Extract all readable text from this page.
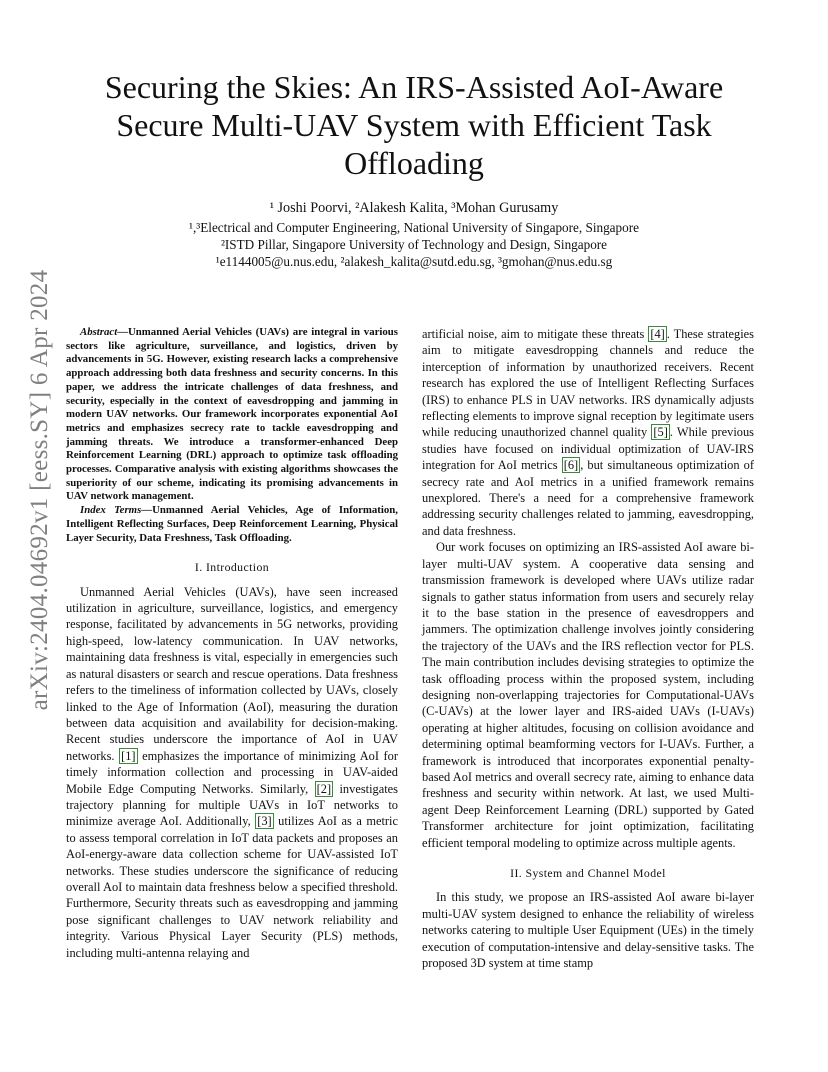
arXiv:2404.04692v1 [eess.SY] 6 Apr 2024
Securing the Skies: An IRS-Assisted AoI-Aware Secure Multi-UAV System with Efficient Task Offloading
¹ Joshi Poorvi, ²Alakesh Kalita, ³Mohan Gurusamy
¹,³Electrical and Computer Engineering, National University of Singapore, Singapore
²ISTD Pillar, Singapore University of Technology and Design, Singapore
¹e1144005@u.nus.edu, ²alakesh_kalita@sutd.edu.sg, ³gmohan@nus.edu.sg

Abstract—Unmanned Aerial Vehicles (UAVs) are integral in various sectors like agriculture, surveillance, and logistics, driven by advancements in 5G. However, existing research lacks a comprehensive approach addressing both data freshness and security concerns. In this paper, we address the intricate challenges of data freshness, and security, especially in the context of eavesdropping and jamming in modern UAV networks. Our framework incorporates exponential AoI metrics and emphasizes secrecy rate to tackle eavesdropping and jamming threats. We introduce a transformer-enhanced Deep Reinforcement Learning (DRL) approach to optimize task offloading processes. Comparative analysis with existing algorithms showcases the superiority of our scheme, indicating its promising advancements in UAV network management.

Index Terms—Unmanned Aerial Vehicles, Age of Information, Intelligent Reflecting Surfaces, Deep Reinforcement Learning, Physical Layer Security, Data Freshness, Task Offloading.

I. Introduction

Unmanned Aerial Vehicles (UAVs), have seen increased utilization in agriculture, surveillance, logistics, and emergency response, facilitated by advancements in 5G networks, providing high-speed, low-latency communication. In UAV networks, maintaining data freshness is vital, especially in emergencies such as natural disasters or search and rescue operations. Data freshness refers to the timeliness of information collected by UAVs, closely linked to the Age of Information (AoI), measuring the duration between data acquisition and availability for decision-making. Recent studies underscore the importance of AoI in UAV networks. [1] emphasizes the importance of minimizing AoI for timely information collection and processing in UAV-aided Mobile Edge Computing Networks. Similarly, [2] investigates trajectory planning for multiple UAVs in IoT networks to minimize average AoI. Additionally, [3] utilizes AoI as a metric to assess temporal correlation in IoT data packets and proposes an AoI-energy-aware data collection scheme for UAV-assisted IoT networks. These studies underscore the significance of reducing overall AoI to maintain data freshness below a specified threshold. Furthermore, Security threats such as eavesdropping and jamming pose significant challenges to UAV network reliability and integrity. Various Physical Layer Security (PLS) methods, including multi-antenna relaying and

artificial noise, aim to mitigate these threats [4] . These strategies aim to mitigate eavesdropping channels and reduce the interception of information by unauthorized receivers. Recent research has explored the use of Intelligent Reflecting Surfaces (IRS) to enhance PLS in UAV networks. IRS dynamically adjusts reflecting elements to improve signal reception by legitimate users while reducing unauthorized channel quality [5] . While previous studies have focused on individual optimization of UAV-IRS integration for AoI metrics [6] , but simultaneous optimization of secrecy rate and AoI metrics in a unified framework remains unexplored. There's a need for a comprehensive framework addressing security challenges related to jamming, eavesdropping, and data freshness.

Our work focuses on optimizing an IRS-assisted AoI aware bi-layer multi-UAV system. A cooperative data sensing and transmission framework is developed where UAVs utilize radar signals to gather status information from users and securely relay it to the base station in the presence of eavesdroppers and jammers. The optimization challenge involves jointly considering the trajectory of the UAVs and the IRS reflection vector for PLS. The main contribution includes devising strategies to optimize the task offloading process within the proposed system, including designing non-overlapping trajectories for Computational-UAVs (C-UAVs) at the lower layer and IRS-aided UAVs (I-UAVs) operating at higher altitudes, focusing on collision avoidance and determining optimal beamforming vectors for I-UAVs. Further, a framework is introduced that incorporates exponential penalty-based AoI metrics and overall secrecy rate, aiming to enhance data freshness and security within network. At last, we used Multi-agent Deep Reinforcement Learning (DRL) supported by Gated Transformer architecture for joint optimization, facilitating efficient temporal modeling to optimize across multiple agents.

II. System and Channel Model

In this study, we propose an IRS-assisted AoI aware bi-layer multi-UAV system designed to enhance the reliability of wireless networks catering to multiple User Equipment (UEs) in the timely execution of computation-intensive and delay-sensitive tasks. The proposed 3D system at time stamp
